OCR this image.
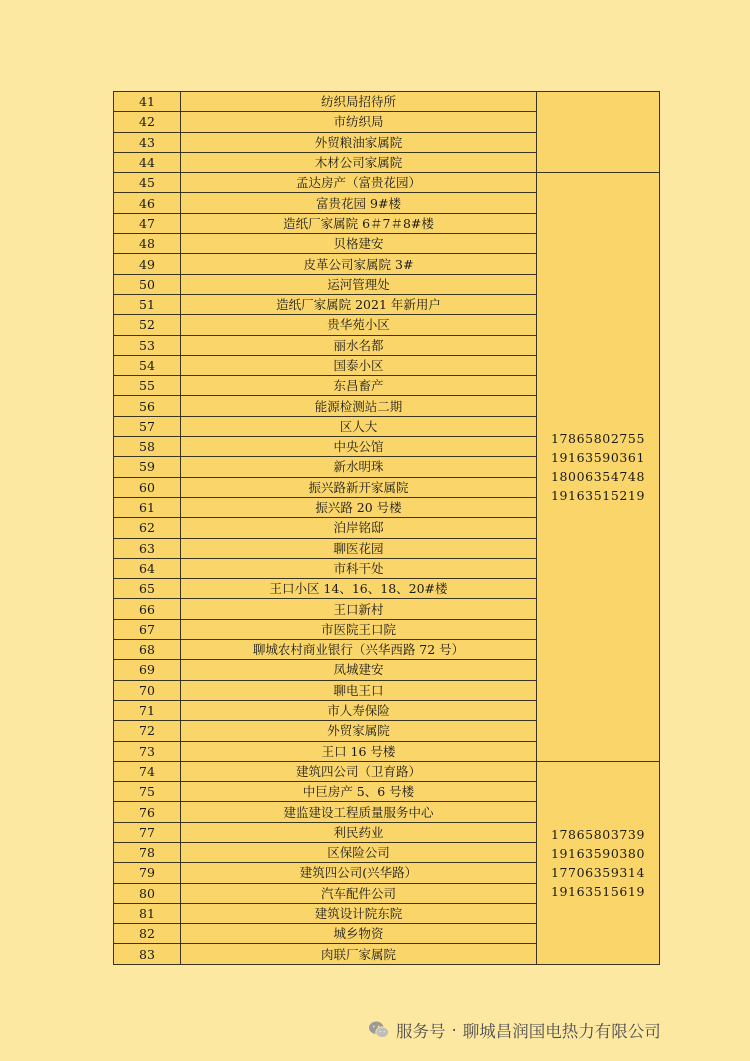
41	纺织局招待所	
42	市纺织局	
43	外贸粮油家属院	
44	木材公司家属院	
45	孟达房产（富贵花园）	17865802755
19163590361
18006354748
19163515219

46	富贵花园 9#楼	
47	造纸厂家属院 6＃7＃8#楼	
48	贝格建安	
49	皮革公司家属院 3#	
50	运河管理处	
51	造纸厂家属院 2021 年新用户	
52	贵华苑小区	
53	丽水名都	
54	国泰小区	
55	东昌畜产	
56	能源检测站二期	
57	区人大	
58	中央公馆	
59	新水明珠	
60	振兴路新开家属院	
61	振兴路 20 号楼	
62	泊岸铭邸	
63	聊医花园	
64	市科干处	
65	王口小区 14、16、18、20#楼	
66	王口新村	
67	市医院王口院	
68	聊城农村商业银行（兴华西路 72 号）	
69	凤城建安	
70	聊电王口	
71	市人寿保险	
72	外贸家属院	
73	王口 16 号楼	
74	建筑四公司（卫育路）	17865803739
19163590380
17706359314
19163515619

75	中巨房产 5、6 号楼	
76	建监建设工程质量服务中心	
77	利民药业	
78	区保险公司	
79	建筑四公司(兴华路）	
80	汽车配件公司	
81	建筑设计院东院	
82	城乡物资	
83	肉联厂家属院	
服务号 · 聊城昌润国电热力有限公司
